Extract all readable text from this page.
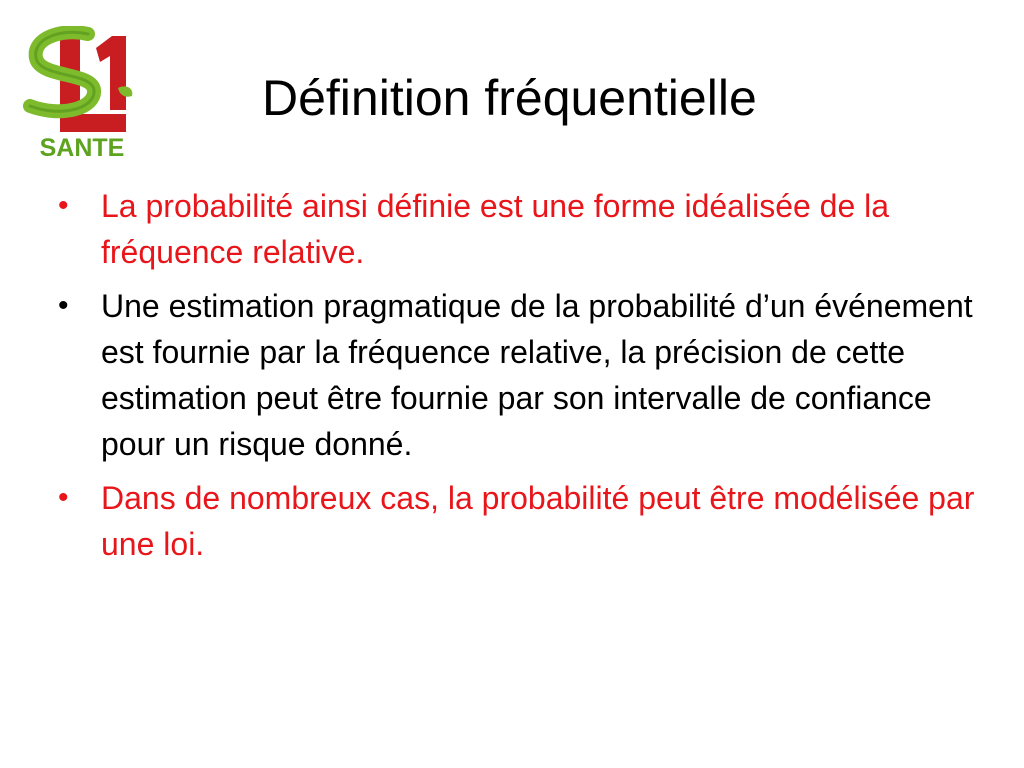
SANTE
Définition fréquentielle
• La probabilité ainsi définie est une forme idéalisée de la fréquence relative.
• Une estimation pragmatique de la probabilité d’un événement est fournie par la fréquence relative, la précision de cette estimation peut être fournie par son intervalle de confiance pour un risque donné.
• Dans de nombreux cas, la probabilité peut être modélisée par une loi.
